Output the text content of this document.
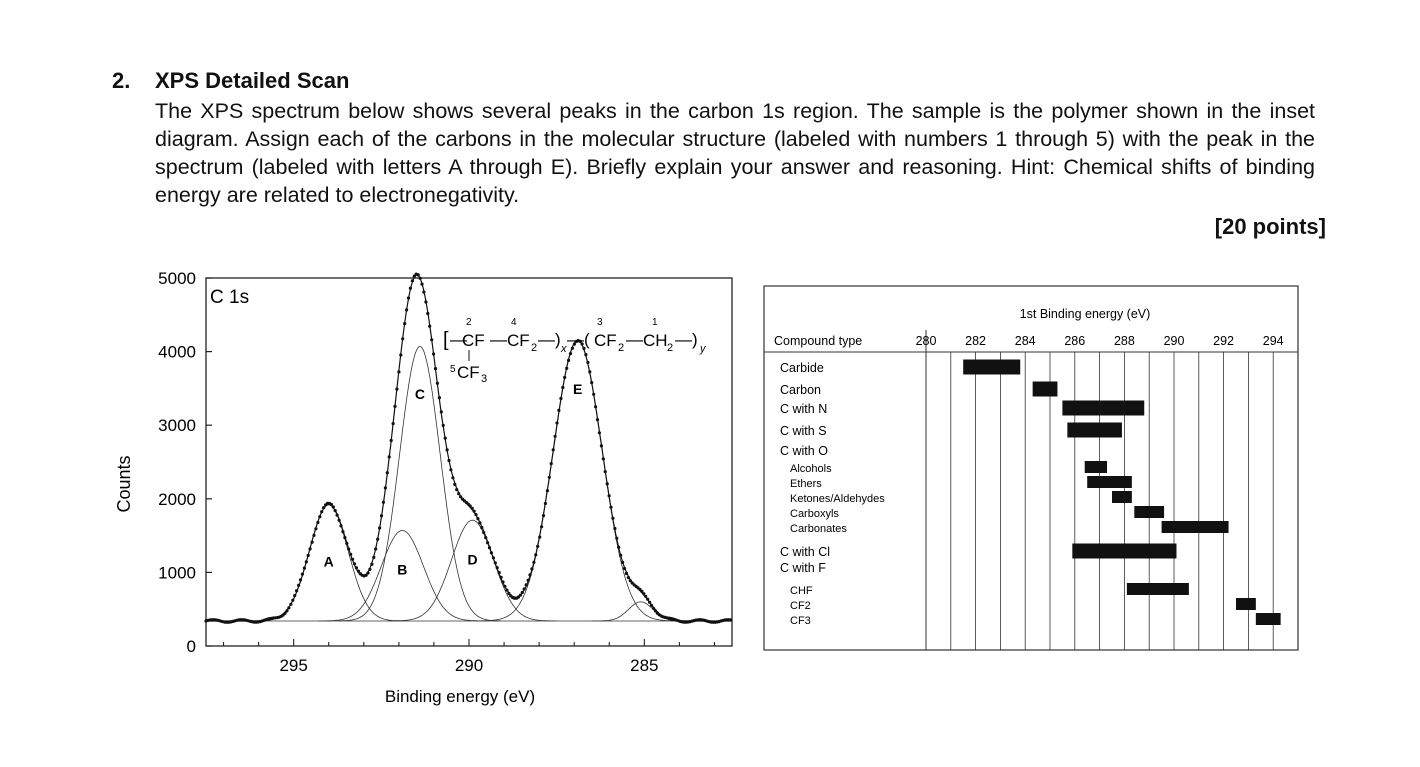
2. XPS Detailed Scan
The XPS spectrum below shows several peaks in the carbon 1s region. The sample is the polymer shown in the inset diagram. Assign each of the carbons in the molecular structure (labeled with numbers 1 through 5) with the peak in the spectrum (labeled with letters A through E). Briefly explain your answer and reasoning. Hint: Chemical shifts of binding energy are related to electronegativity.
[20 points]
0
1000
2000
3000
4000
5000
295	290	285
A	B
C
D
E
C 1s
Binding energy (eV)
Counts
[ —
CF
2
5 CF 3
— CF
4
2 —) x —( CF
3
2 — CH
1
2 —) y
1st Binding energy (eV)
Compound type	280 282 284 286 288 290 292 294
Carbide
Carbon
C with N
C with S
C with O
Alcohols
Ethers
Ketones/Aldehydes
Carboxyls
Carbonates
C with Cl
C with F
CHF
CF2
CF3
